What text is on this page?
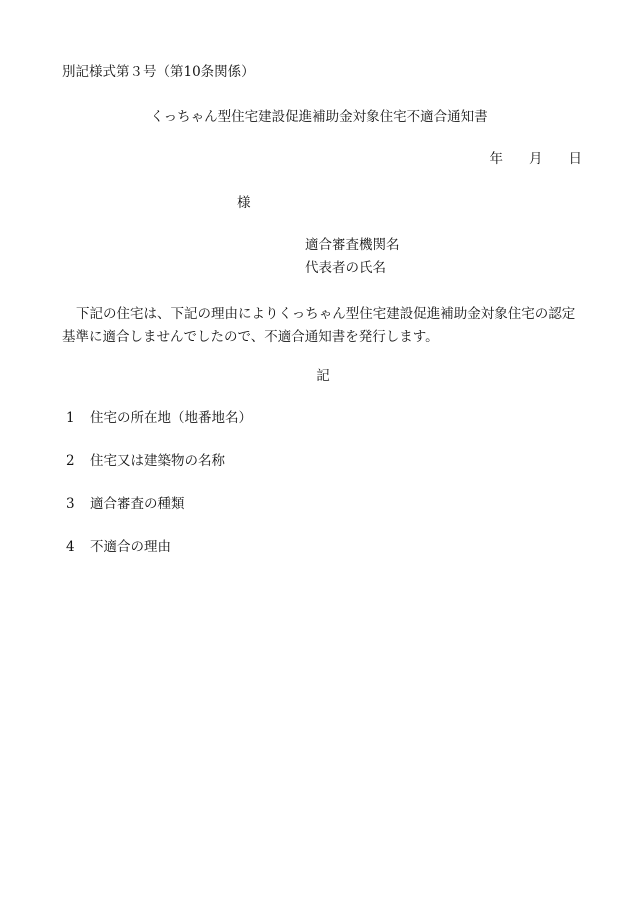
別記様式第３号（第10条関係）
くっちゃん型住宅建設促進補助金対象住宅不適合通知書
年 月 日
様
適合審査機関名
代表者の氏名
下記の住宅は、下記の理由によりくっちゃん型住宅建設促進補助金対象住宅の認定基準に適合しませんでしたので、不適合通知書を発行します。
記
1 住宅の所在地（地番地名）
2 住宅又は建築物の名称
3 適合審査の種類
4 不適合の理由
